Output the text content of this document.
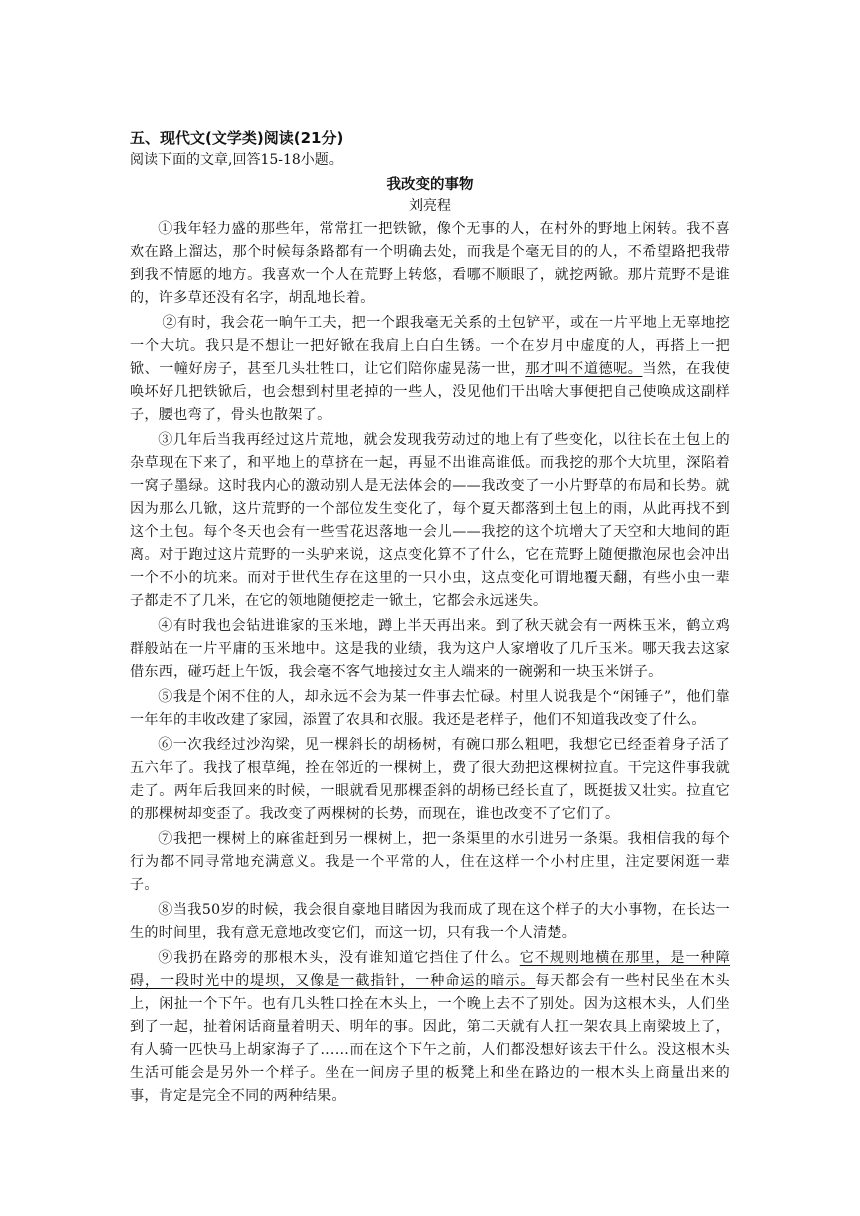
五、现代文(文学类)阅读(21分)

阅读下面的文章,回答15-18小题。

我改变的事物

刘亮程

①我年轻力盛的那些年，常常扛一把铁锨，像个无事的人，在村外的野地上闲转。我不喜欢在路上溜达，那个时候每条路都有一个明确去处，而我是个毫无目的的人，不希望路把我带到我不情愿的地方。我喜欢一个人在荒野上转悠，看哪不顺眼了，就挖两锨。那片荒野不是谁的，许多草还没有名字，胡乱地长着。

②有时，我会花一晌午工夫，把一个跟我毫无关系的土包铲平，或在一片平地上无辜地挖一个大坑。我只是不想让一把好锨在我肩上白白生锈。一个在岁月中虚度的人，再搭上一把锨、一幢好房子，甚至几头壮牲口，让它们陪你虚晃荡一世，那才叫不道德呢。当然，在我使唤坏好几把铁锨后，也会想到村里老掉的一些人，没见他们干出啥大事便把自己使唤成这副样子，腰也弯了，骨头也散架了。

③几年后当我再经过这片荒地，就会发现我劳动过的地上有了些变化，以往长在土包上的杂草现在下来了，和平地上的草挤在一起，再显不出谁高谁低。而我挖的那个大坑里，深陷着一窝子墨绿。这时我内心的激动别人是无法体会的——我改变了一小片野草的布局和长势。就因为那么几锨，这片荒野的一个部位发生变化了，每个夏天都落到土包上的雨，从此再找不到这个土包。每个冬天也会有一些雪花迟落地一会儿——我挖的这个坑增大了天空和大地间的距离。对于跑过这片荒野的一头驴来说，这点变化算不了什么，它在荒野上随便撒泡尿也会冲出一个不小的坑来。而对于世代生存在这里的一只小虫，这点变化可谓地覆天翻，有些小虫一辈子都走不了几米，在它的领地随便挖走一锨土，它都会永远迷失。

④有时我也会钻进谁家的玉米地，蹲上半天再出来。到了秋天就会有一两株玉米，鹤立鸡群般站在一片平庸的玉米地中。这是我的业绩，我为这户人家增收了几斤玉米。哪天我去这家借东西，碰巧赶上午饭，我会毫不客气地接过女主人端来的一碗粥和一块玉米饼子。

⑤我是个闲不住的人，却永远不会为某一件事去忙碌。村里人说我是个“闲锤子”，他们靠一年年的丰收改建了家园，添置了农具和衣服。我还是老样子，他们不知道我改变了什么。

⑥一次我经过沙沟梁，见一棵斜长的胡杨树，有碗口那么粗吧，我想它已经歪着身子活了五六年了。我找了根草绳，拴在邻近的一棵树上，费了很大劲把这棵树拉直。干完这件事我就走了。两年后我回来的时候，一眼就看见那棵歪斜的胡杨已经长直了，既挺拔又壮实。拉直它的那棵树却变歪了。我改变了两棵树的长势，而现在，谁也改变不了它们了。

⑦我把一棵树上的麻雀赶到另一棵树上，把一条渠里的水引进另一条渠。我相信我的每个行为都不同寻常地充满意义。我是一个平常的人，住在这样一个小村庄里，注定要闲逛一辈子。

⑧当我50岁的时候，我会很自豪地目睹因为我而成了现在这个样子的大小事物，在长达一生的时间里，我有意无意地改变它们，而这一切，只有我一个人清楚。

⑨我扔在路旁的那根木头，没有谁知道它挡住了什么。它不规则地横在那里，是一种障碍，一段时光中的堤坝，又像是一截指针，一种命运的暗示。每天都会有一些村民坐在木头上，闲扯一个下午。也有几头牲口拴在木头上，一个晚上去不了别处。因为这根木头，人们坐到了一起，扯着闲话商量着明天、明年的事。因此，第二天就有人扛一架农具上南梁坡上了，有人骑一匹快马上胡家海子了……而在这个下午之前，人们都没想好该去干什么。没这根木头生活可能会是另外一个样子。坐在一间房子里的板凳上和坐在路边的一根木头上商量出来的事，肯定是完全不同的两种结果。
